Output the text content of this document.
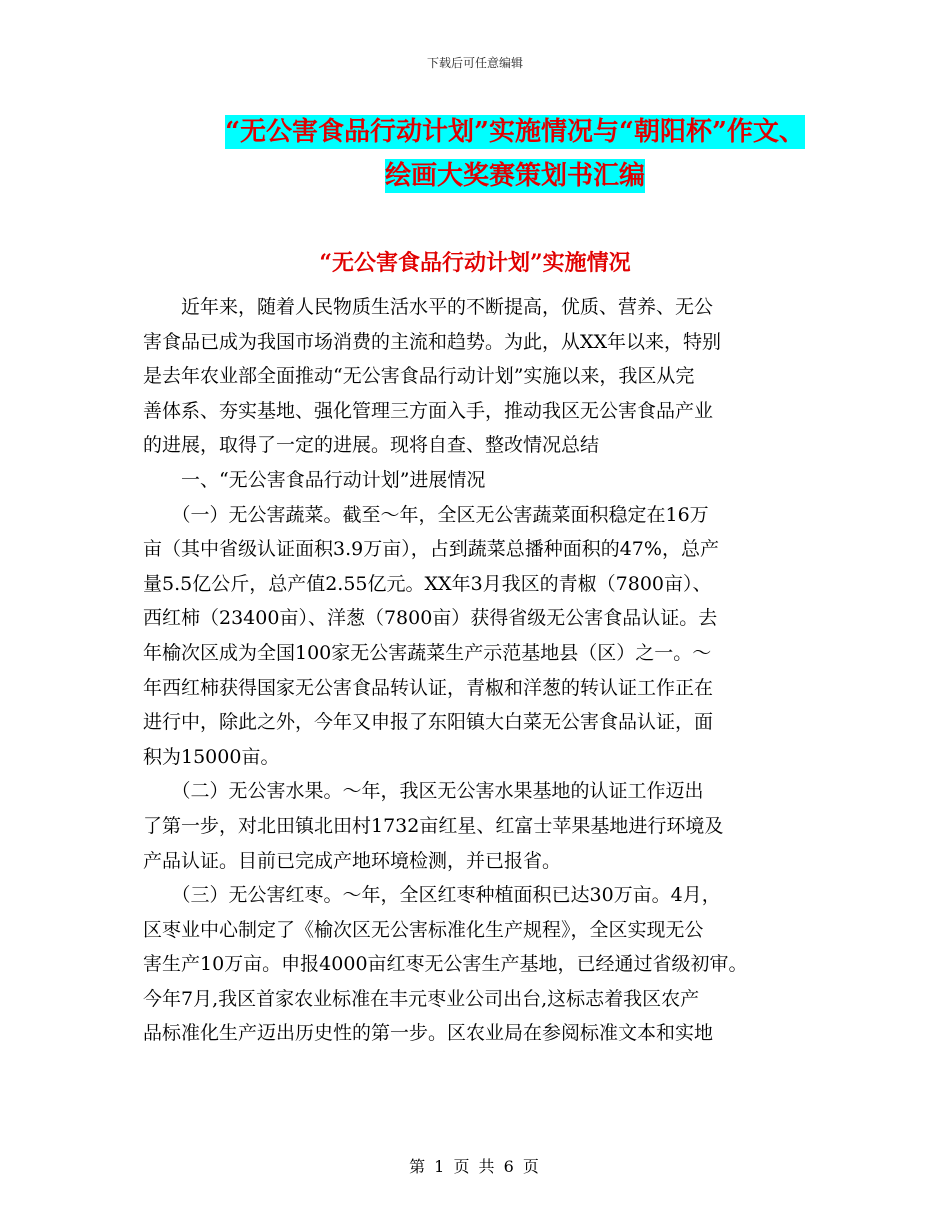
下载后可任意编辑
“无公害食品行动计划”实施情况与“朝阳杯”作文、
绘画大奖赛策划书汇编
“无公害食品行动计划”实施情况
　　近年来，随着人民物质生活水平的不断提高，优质、营养、无公
害食品已成为我国市场消费的主流和趋势。为此，从XX年以来，特别
是去年农业部全面推动“无公害食品行动计划”实施以来，我区从完
善体系、夯实基地、强化管理三方面入手，推动我区无公害食品产业
的进展，取得了一定的进展。现将自查、整改情况总结
　　一、“无公害食品行动计划”进展情况
　　（一）无公害蔬菜。截至～年，全区无公害蔬菜面积稳定在16万
亩（其中省级认证面积3.9万亩），占到蔬菜总播种面积的47%，总产
量5.5亿公斤，总产值2.55亿元。XX年3月我区的青椒（7800亩）、
西红柿（23400亩）、洋葱（7800亩）获得省级无公害食品认证。去
年榆次区成为全国100家无公害蔬菜生产示范基地县（区）之一。～
年西红柿获得国家无公害食品转认证，青椒和洋葱的转认证工作正在
进行中，除此之外，今年又申报了东阳镇大白菜无公害食品认证，面
积为15000亩。
　　（二）无公害水果。～年，我区无公害水果基地的认证工作迈出
了第一步，对北田镇北田村1732亩红星、红富士苹果基地进行环境及
产品认证。目前已完成产地环境检测，并已报省。
　　（三）无公害红枣。～年，全区红枣种植面积已达30万亩。4月，
区枣业中心制定了《榆次区无公害标准化生产规程》，全区实现无公
害生产10万亩。申报4000亩红枣无公害生产基地，已经通过省级初审。
今年7月,我区首家农业标准在丰元枣业公司出台,这标志着我区农产
品标准化生产迈出历史性的第一步。区农业局在参阅标准文本和实地
第 1 页 共 6 页
